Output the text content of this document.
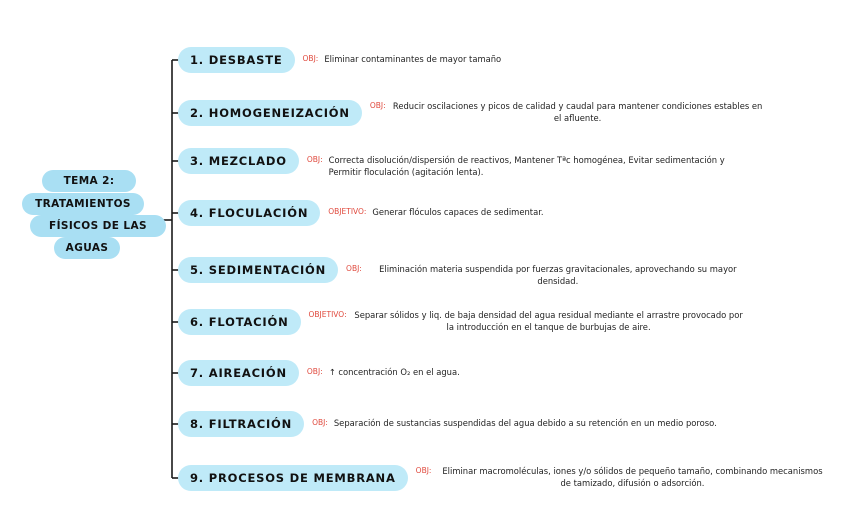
TEMA 2:
TRATAMIENTOS
FÍSICOS DE LAS
AGUAS
1. DESBASTE	OBJ: Eliminar contaminantes de mayor tamaño
2. HOMOGENEIZACIÓN
OBJ: Reducir oscilaciones y picos de calidad y caudal para mantener condiciones estables en el afluente.
3. MEZCLADO	OBJ: Correcta disolución/dispersión de reactivos, Mantener Tªc homogénea, Evitar sedimentación y Permitir floculación (agitación lenta).
4. FLOCULACIÓN	OBJETIVO: Generar flóculos capaces de sedimentar.
5. SEDIMENTACIÓN	OBJ:	Eliminación materia suspendida por fuerzas gravitacionales, aprovechando su mayor densidad.
6. FLOTACIÓN
OBJETIVO: Separar sólidos y liq. de baja densidad del agua residual mediante el arrastre provocado por la introducción en el tanque de burbujas de aire.
7. AIREACIÓN	OBJ: ↑ concentración O₂ en el agua.
8. FILTRACIÓN	OBJ: Separación de sustancias suspendidas del agua debido a su retención en un medio poroso.
9. PROCESOS DE MEMBRANA
OBJ:	Eliminar macromoléculas, iones y/o sólidos de pequeño tamaño, combinando mecanismos de tamizado, difusión o adsorción.
